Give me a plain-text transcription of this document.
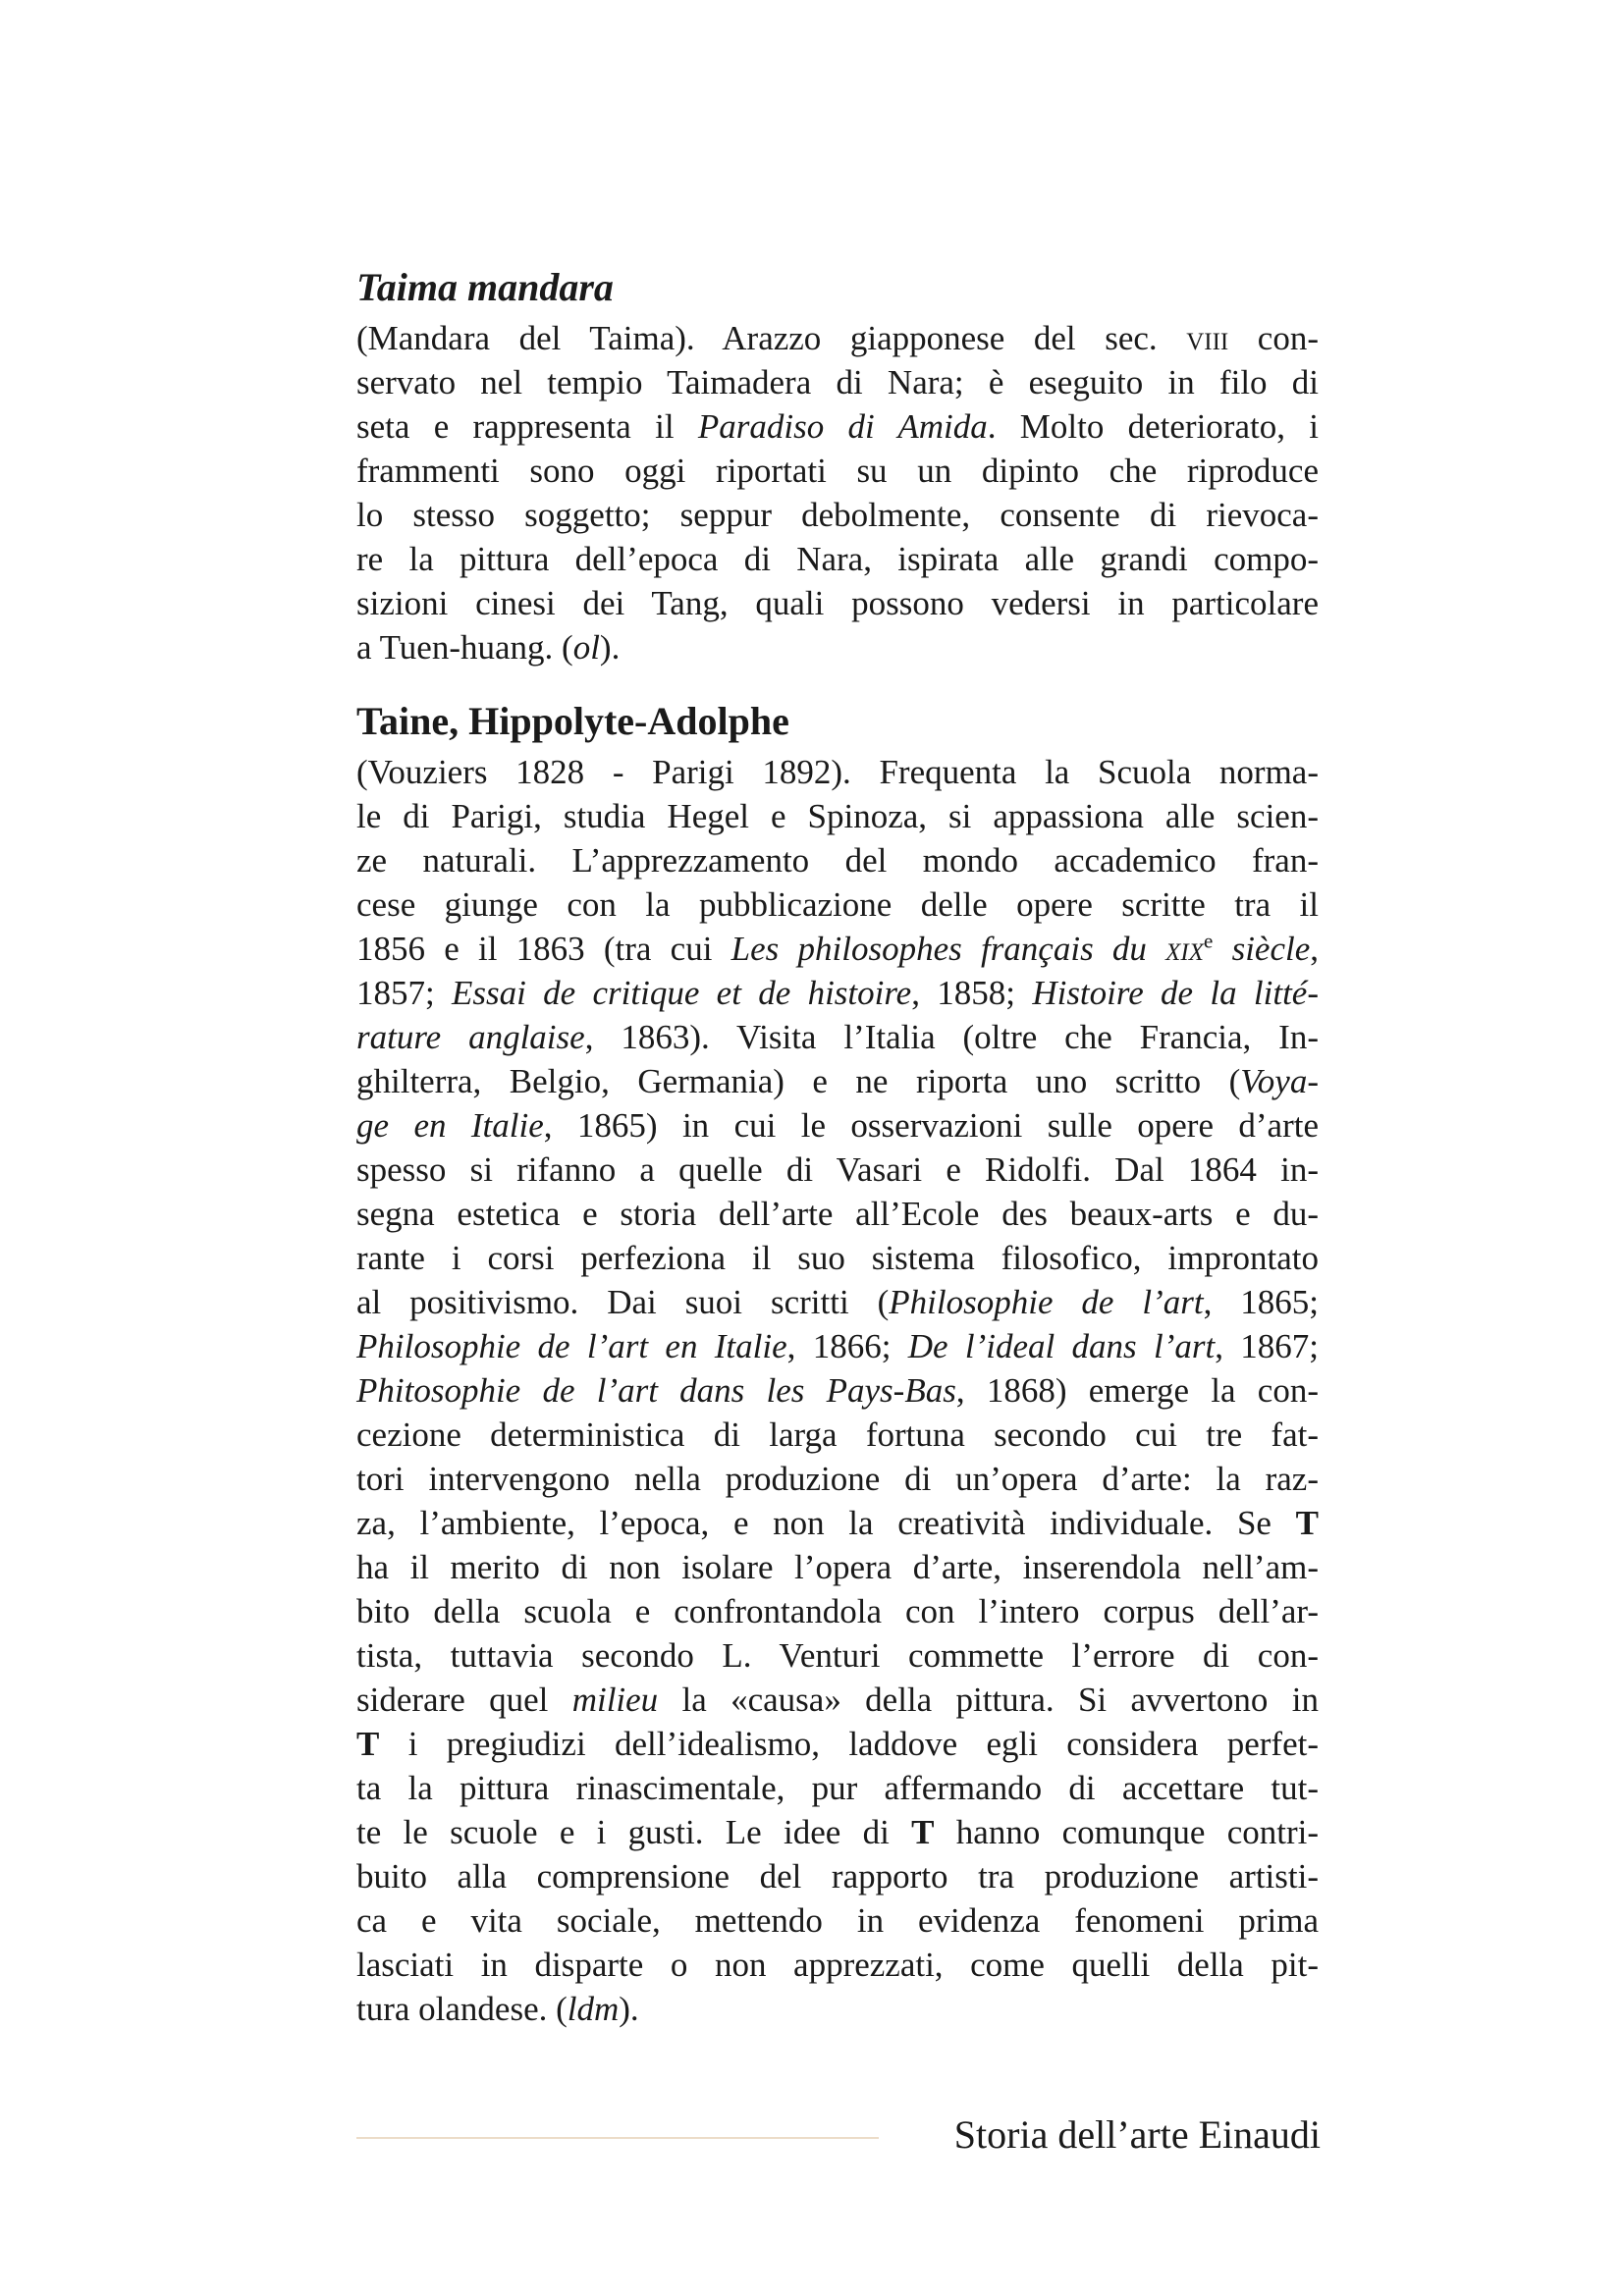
Taima mandara

(Mandara del Taima). Arazzo giapponese del sec. viii con-
servato nel tempio Taimadera di Nara; è eseguito in filo di
seta e rappresenta il Paradiso di Amida. Molto deteriorato, i
frammenti sono oggi riportati su un dipinto che riproduce
lo stesso soggetto; seppur debolmente, consente di rievoca-
re la pittura dell’epoca di Nara, ispirata alle grandi compo-
sizioni cinesi dei Tang, quali possono vedersi in particolare
a Tuen-huang. (ol).

Taine, Hippolyte-Adolphe

(Vouziers 1828 - Parigi 1892). Frequenta la Scuola norma-
le di Parigi, studia Hegel e Spinoza, si appassiona alle scien-
ze naturali. L’apprezzamento del mondo accademico fran-
cese giunge con la pubblicazione delle opere scritte tra il
1856 e il 1863 (tra cui Les philosophes français du xix$^e$ siècle,
1857; Essai de critique et de histoire, 1858; Histoire de la litté-
rature anglaise, 1863). Visita l’Italia (oltre che Francia, In-
ghilterra, Belgio, Germania) e ne riporta uno scritto (Voya-
ge en Italie, 1865) in cui le osservazioni sulle opere d’arte
spesso si rifanno a quelle di Vasari e Ridolfi. Dal 1864 in-
segna estetica e storia dell’arte all’Ecole des beaux-arts e du-
rante i corsi perfeziona il suo sistema filosofico, improntato
al positivismo. Dai suoi scritti (Philosophie de l’art, 1865;
Philosophie de l’art en Italie, 1866; De l’ideal dans l’art, 1867;
Phitosophie de l’art dans les Pays-Bas, 1868) emerge la con-
cezione deterministica di larga fortuna secondo cui tre fat-
tori intervengono nella produzione di un’opera d’arte: la raz-
za, l’ambiente, l’epoca, e non la creatività individuale. Se T
ha il merito di non isolare l’opera d’arte, inserendola nell’am-
bito della scuola e confrontandola con l’intero corpus dell’ar-
tista, tuttavia secondo L. Venturi commette l’errore di con-
siderare quel milieu la «causa» della pittura. Si avvertono in
T i pregiudizi dell’idealismo, laddove egli considera perfet-
ta la pittura rinascimentale, pur affermando di accettare tut-
te le scuole e i gusti. Le idee di T hanno comunque contri-
buito alla comprensione del rapporto tra produzione artisti-
ca e vita sociale, mettendo in evidenza fenomeni prima
lasciati in disparte o non apprezzati, come quelli della pit-
tura olandese. (ldm).

Storia dell’arte Einaudi
